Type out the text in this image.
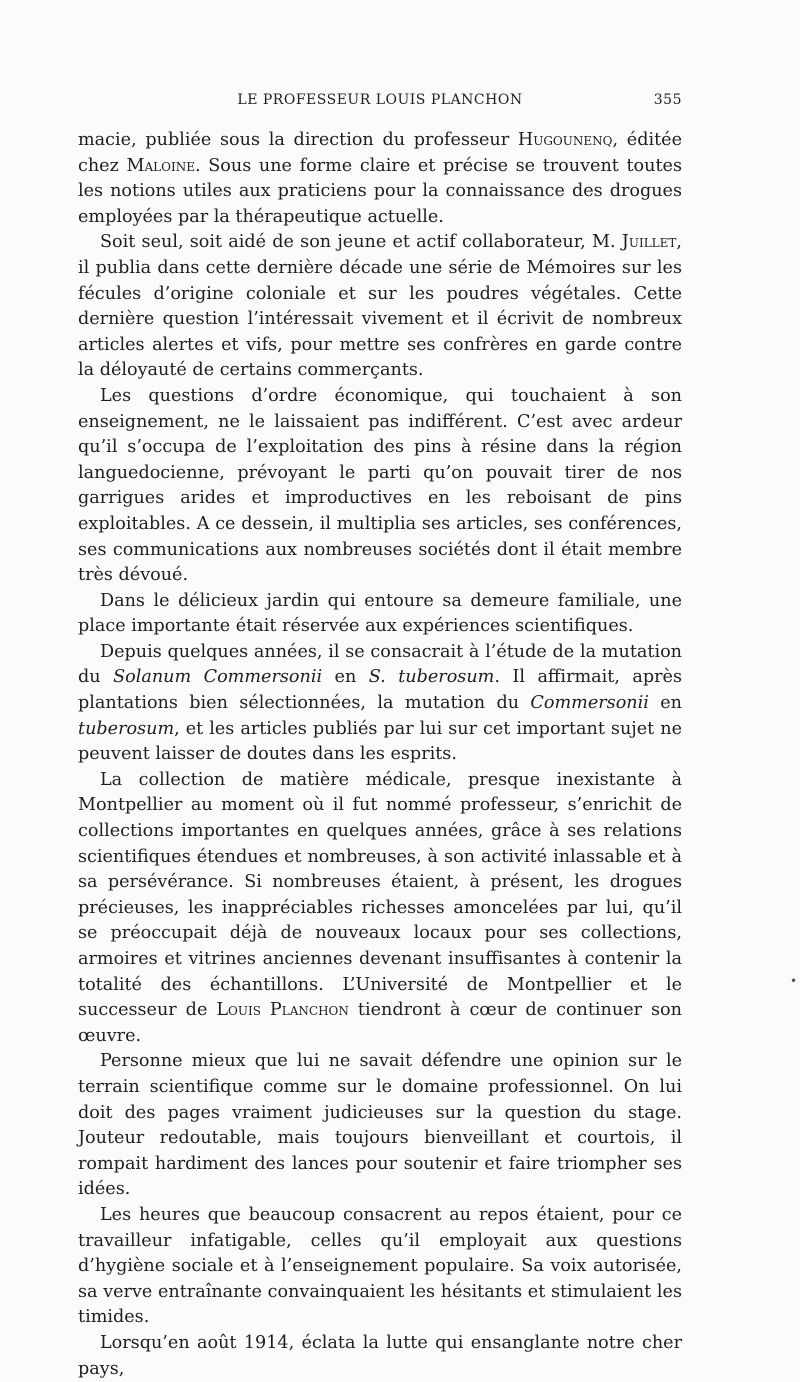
LE PROFESSEUR LOUIS PLANCHON	355

macie, publiée sous la direction du professeur Hugounenq, éditée chez Maloine. Sous une forme claire et précise se trouvent toutes les notions utiles aux praticiens pour la connaissance des drogues employées par la thérapeutique actuelle.

Soit seul, soit aidé de son jeune et actif collaborateur, M. Juillet, il publia dans cette dernière décade une série de Mémoires sur les fécules d’origine coloniale et sur les poudres végétales. Cette dernière question l’intéressait vivement et il écrivit de nombreux articles alertes et vifs, pour mettre ses confrères en garde contre la déloyauté de certains commerçants.

Les questions d’ordre économique, qui touchaient à son enseignement, ne le laissaient pas indifférent. C’est avec ardeur qu’il s’occupa de l’exploitation des pins à résine dans la région languedocienne, prévoyant le parti qu’on pouvait tirer de nos garrigues arides et improductives en les reboisant de pins exploitables. A ce dessein, il multiplia ses articles, ses conférences, ses communications aux nombreuses sociétés dont il était membre très dévoué.

Dans le délicieux jardin qui entoure sa demeure familiale, une place importante était réservée aux expériences scientifiques.

Depuis quelques années, il se consacrait à l’étude de la mutation du Solanum Commersonii en S. tuberosum. Il affirmait, après plantations bien sélectionnées, la mutation du Commersonii en tuberosum, et les articles publiés par lui sur cet important sujet ne peuvent laisser de doutes dans les esprits.

La collection de matière médicale, presque inexistante à Montpellier au moment où il fut nommé professeur, s’enrichit de collections importantes en quelques années, grâce à ses relations scientifiques étendues et nombreuses, à son activité inlassable et à sa persévérance. Si nombreuses étaient, à présent, les drogues précieuses, les inappréciables richesses amoncelées par lui, qu’il se préoccupait déjà de nouveaux locaux pour ses collections, armoires et vitrines anciennes devenant insuffisantes à contenir la totalité des échantillons. L’Université de Montpellier et le successeur de Louis Planchon tiendront à cœur de continuer son œuvre.

Personne mieux que lui ne savait défendre une opinion sur le terrain scientifique comme sur le domaine professionnel. On lui doit des pages vraiment judicieuses sur la question du stage. Jouteur redoutable, mais toujours bienveillant et courtois, il rompait hardiment des lances pour soutenir et faire triompher ses idées.

Les heures que beaucoup consacrent au repos étaient, pour ce travailleur infatigable, celles qu’il employait aux questions d’hygiène sociale et à l’enseignement populaire. Sa voix autorisée, sa verve entraînante convainquaient les hésitants et stimulaient les timides.

Lorsqu’en août 1914, éclata la lutte qui ensanglante notre cher pays,

•
